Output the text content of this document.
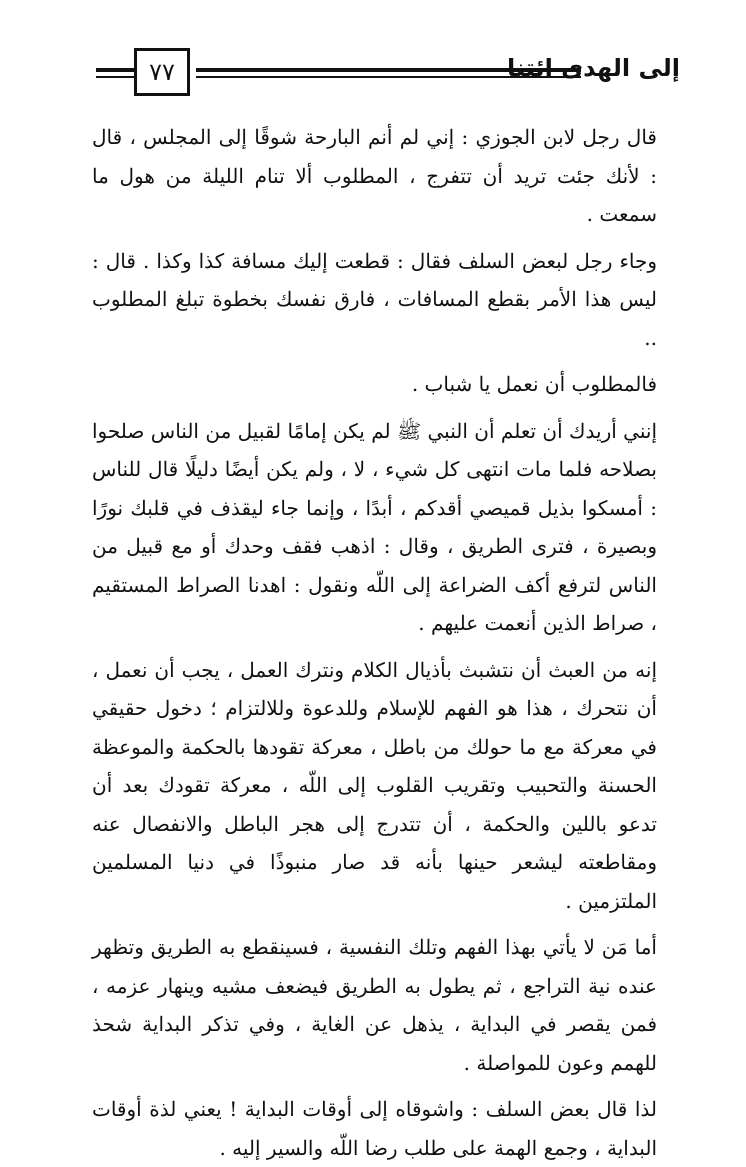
٧٧	إلى الهدى ائتنا

قال رجل لابن الجوزي : إني لم أنم البارحة شوقًا إلى المجلس ، قال : لأنك جئت تريد أن تتفرج ، المطلوب ألا تنام الليلة من هول ما سمعت .

وجاء رجل لبعض السلف فقال : قطعت إليك مسافة كذا وكذا . قال : ليس هذا الأمر بقطع المسافات ، فارق نفسك بخطوة تبلغ المطلوب ..

فالمطلوب أن نعمل يا شباب .

إنني أريدك أن تعلم أن النبي ﷺ لم يكن إمامًا لقبيل من الناس صلحوا بصلاحه فلما مات انتهى كل شيء ، لا ، ولم يكن أيضًا دليلًا قال للناس : أمسكوا بذيل قميصي أقدكم ، أبدًا ، وإنما جاء ليقذف في قلبك نورًا وبصيرة ، فترى الطريق ، وقال : اذهب فقف وحدك أو مع قبيل من الناس لترفع أكف الضراعة إلى اللّه ونقول : اهدنا الصراط المستقيم ، صراط الذين أنعمت عليهم .

إنه من العبث أن نتشبث بأذيال الكلام ونترك العمل ، يجب أن نعمل ، أن نتحرك ، هذا هو الفهم للإسلام وللدعوة وللالتزام ؛ دخول حقيقي في معركة مع ما حولك من باطل ، معركة تقودها بالحكمة والموعظة الحسنة والتحبيب وتقريب القلوب إلى اللّه ، معركة تقودك بعد أن تدعو باللين والحكمة ، أن تتدرج إلى هجر الباطل والانفصال عنه ومقاطعته ليشعر حينها بأنه قد صار منبوذًا في دنيا المسلمين الملتزمين .

أما مَن لا يأتي بهذا الفهم وتلك النفسية ، فسينقطع به الطريق وتظهر عنده نية التراجع ، ثم يطول به الطريق فيضعف مشيه وينهار عزمه ، فمن يقصر في البداية ، يذهل عن الغاية ، وفي تذكر البداية شحذ للهمم وعون للمواصلة .

لذا قال بعض السلف : واشوقاه إلى أوقات البداية ! يعني لذة أوقات البداية ، وجمع الهمة على طلب رضا اللّه والسير إليه .
